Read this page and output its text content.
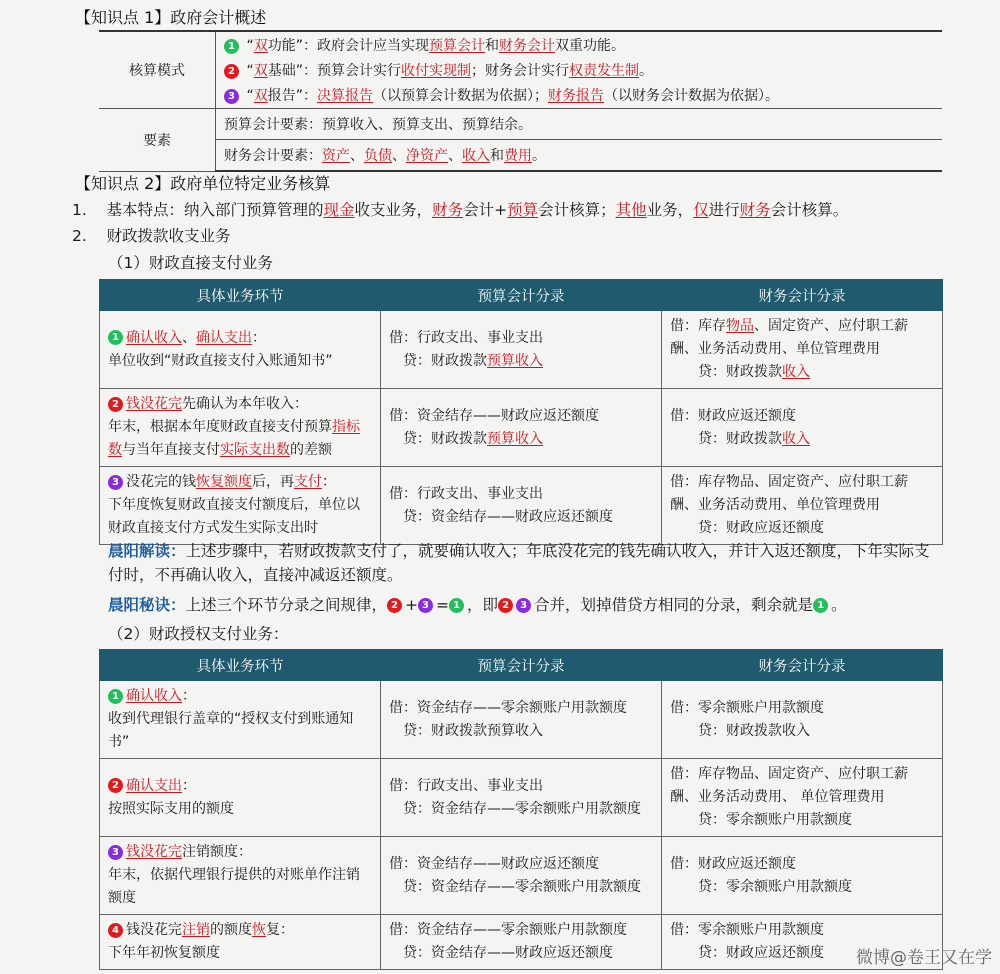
【知识点 1】政府会计概述
核算模式	1 “双功能”：政府会计应当实现预算会计和财务会计双重功能。
	2 “双基础”：预算会计实行收付实现制；财务会计实行权责发生制。
	3 “双报告”：决算报告（以预算会计数据为依据）；财务报告（以财务会计数据为依据）。
要素	预算会计要素：预算收入、预算支出、预算结余。
	财务会计要素：资产、负债、净资产、收入和费用。
【知识点 2】政府单位特定业务核算
1. 基本特点：纳入部门预算管理的现金收支业务，财务会计+预算会计核算；其他业务，仅进行财务会计核算。
2. 财政拨款收支业务
（1）财政直接支付业务
具体业务环节	预算会计分录	财务会计分录
1 确认收入、确认支出：
单位收到“财政直接支付入账通知书”	借：行政支出、事业支出
贷：财政拨款预算收入	借：库存物品、固定资产、应付职工薪酬、业务活动费用、单位管理费用
贷：财政拨款收入

2 钱没花完先确认为本年收入：
年末，根据本年度财政直接支付预算指标数与当年直接支付实际支出数的差额	借：资金结存——财政应返还额度
贷：财政拨款预算收入	借：财政应返还额度
贷：财政拨款收入

3 没花完的钱恢复额度后，再支付：
下年度恢复财政直接支付额度后，单位以财政直接支付方式发生实际支出时	借：行政支出、事业支出
贷：资金结存——财政应返还额度	借：库存物品、固定资产、应付职工薪酬、业务活动费用、单位管理费用
贷：财政应返还额度
晨阳解读：上述步骤中，若财政拨款支付了，就要确认收入；年底没花完的钱先确认收入，并计入返还额度，下年实际支付时，不再确认收入，直接冲减返还额度。
晨阳秘诀：上述三个环节分录之间规律， 2 + 3 = 1 ，即 2 3 合并，划掉借贷方相同的分录，剩余就是 1 。
（2）财政授权支付业务：
具体业务环节	预算会计分录	财务会计分录
1 确认收入：
收到代理银行盖章的“授权支付到账通知书”	借：资金结存——零余额账户用款额度
贷：财政拨款预算收入	借：零余额账户用款额度
贷：财政拨款收入

2 确认支出：
按照实际支用的额度	借：行政支出、事业支出
贷：资金结存——零余额账户用款额度	借：库存物品、固定资产、应付职工薪酬、业务活动费用、 单位管理费用
贷：零余额账户用款额度

3 钱没花完注销额度：
年末，依据代理银行提供的对账单作注销额度	借：资金结存——财政应返还额度
贷：资金结存——零余额账户用款额度	借：财政应返还额度
贷：零余额账户用款额度

4 钱没花完注销的额度恢复：
下年年初恢复额度	借：资金结存——零余额账户用款额度
贷：资金结存——财政应返还额度	借：零余额账户用款额度
贷：财政应返还额度	微博@卷王又在学
